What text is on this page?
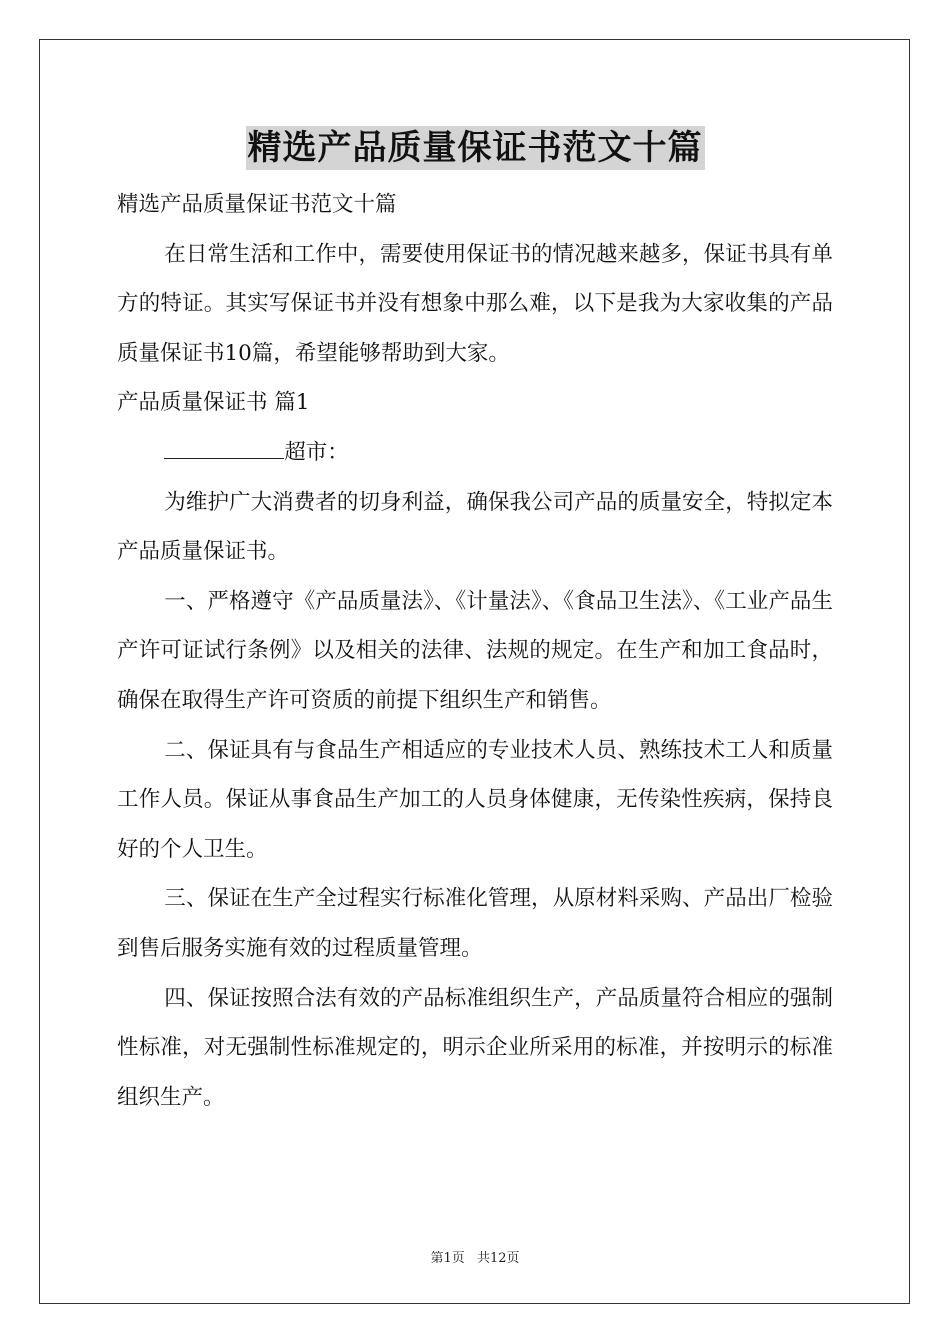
精选产品质量保证书范文十篇

精选产品质量保证书范文十篇

在日常生活和工作中，需要使用保证书的情况越来越多，保证书具有单方的特证。其实写保证书并没有想象中那么难，以下是我为大家收集的产品质量保证书10篇，希望能够帮助到大家。

产品质量保证书 篇1

超市：

为维护广大消费者的切身利益，确保我公司产品的质量安全，特拟定本产品质量保证书。

一、严格遵守《产品质量法》、《计量法》、《食品卫生法》、《工业产品生产许可证试行条例》以及相关的法律、法规的规定。在生产和加工食品时，确保在取得生产许可资质的前提下组织生产和销售。

二、保证具有与食品生产相适应的专业技术人员、熟练技术工人和质量工作人员。保证从事食品生产加工的人员身体健康，无传染性疾病，保持良好的个人卫生。

三、保证在生产全过程实行标准化管理，从原材料采购、产品出厂检验到售后服务实施有效的过程质量管理。

四、保证按照合法有效的产品标准组织生产，产品质量符合相应的强制性标准，对无强制性标准规定的，明示企业所采用的标准，并按明示的标准组织生产。

第1页 共12页
